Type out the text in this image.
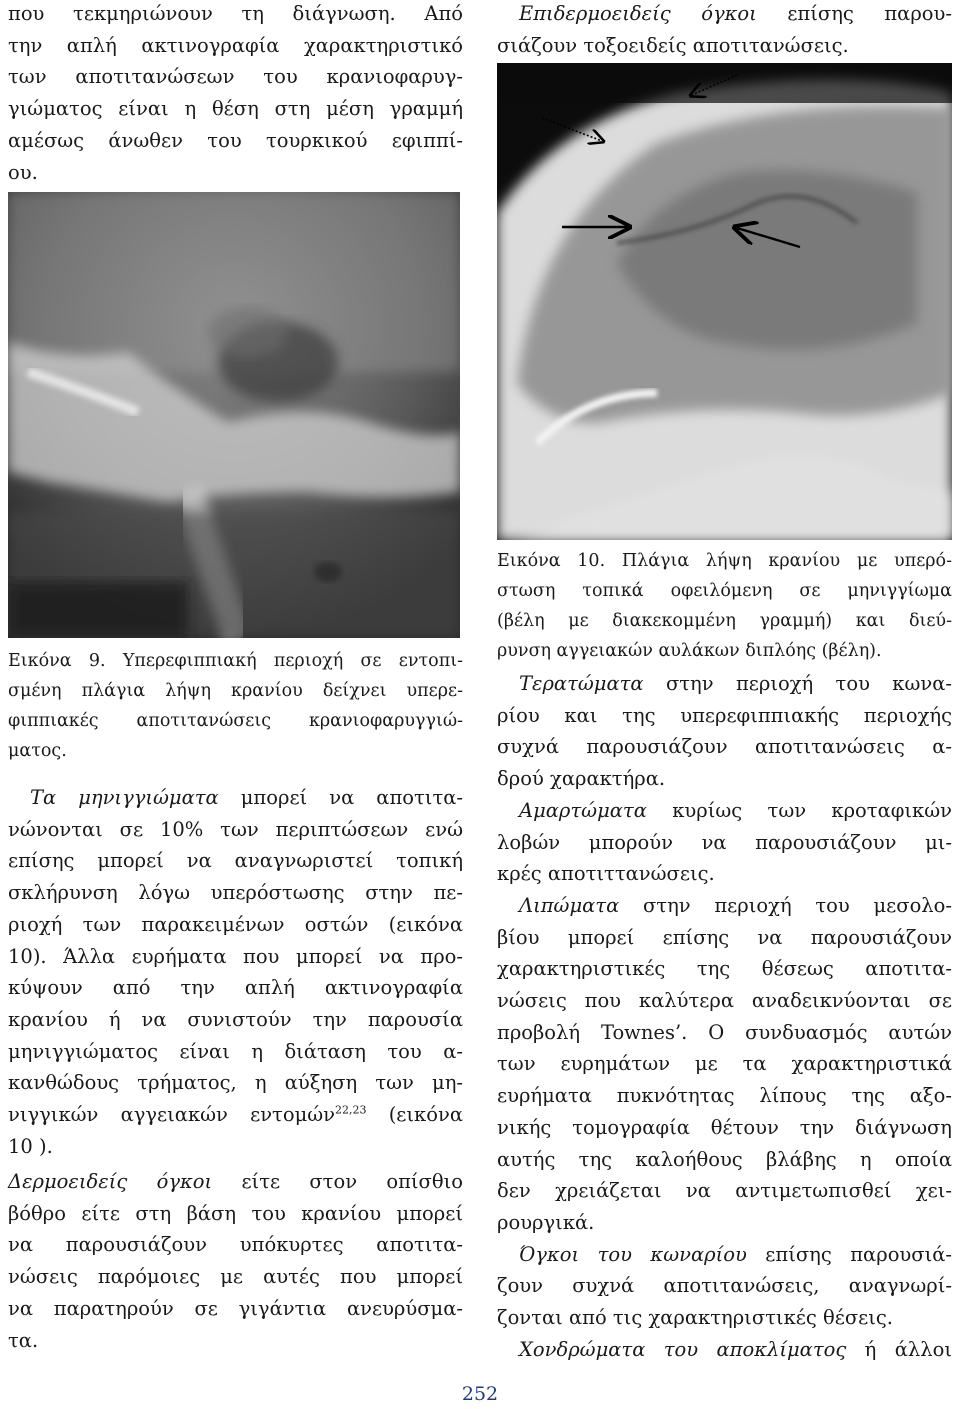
που τεκμηριώνουν τη διάγνωση. Από
την απλή ακτινογραφία χαρακτηριστικό
των αποτιτανώσεων του κρανιοφαρυγ-
γιώματος είναι η θέση στη μέση γραμμή
αμέσως άνωθεν του τουρκικού εφιππί-
ου.

Εικόνα 9. Υπερεφιππιακή περιοχή σε εντοπι-
σμένη πλάγια λήψη κρανίου δείχνει υπερε-
φιππιακές αποτιτανώσεις κρανιοφαρυγγιώ-
ματος.

Τα μηνιγγιώματα μπορεί να αποτιτα-
νώνονται σε 10% των περιπτώσεων ενώ
επίσης μπορεί να αναγνωριστεί τοπική
σκλήρυνση λόγω υπερόστωσης στην πε-
ριοχή των παρακειμένων οστών (εικόνα
10). Άλλα ευρήματα που μπορεί να προ-
κύψουν από την απλή ακτινογραφία
κρανίου ή να συνιστούν την παρουσία
μηνιγγιώματος είναι η διάταση του α-
κανθώδους τρήματος, η αύξηση των μη-
νιγγικών αγγειακών εντομών$^{22,23}$ (εικόνα
10 ).

Δερμοειδείς όγκοι είτε στον οπίσθιο
βόθρο είτε στη βάση του κρανίου μπορεί
να παρουσιάζουν υπόκυρτες αποτιτα-
νώσεις παρόμοιες με αυτές που μπορεί
να παρατηρούν σε γιγάντια ανευρύσμα-
τα.

Επιδερμοειδείς όγκοι επίσης παρου-
σιάζουν τοξοειδείς αποτιτανώσεις.

Εικόνα 10. Πλάγια λήψη κρανίου με υπερό-
στωση τοπικά οφειλόμενη σε μηνιγγίωμα
(βέλη με διακεκομμένη γραμμή) και διεύ-
ρυνση αγγειακών αυλάκων διπλόης (βέλη).

Τερατώματα στην περιοχή του κωνα-
ρίου και της υπερεφιππιακής περιοχής
συχνά παρουσιάζουν αποτιτανώσεις α-
δρού χαρακτήρα.

Αμαρτώματα κυρίως των κροταφικών
λοβών μπορούν να παρουσιάζουν μι-
κρές αποτιττανώσεις.

Λιπώματα στην περιοχή του μεσολο-
βίου μπορεί επίσης να παρουσιάζουν
χαρακτηριστικές της θέσεως αποτιτα-
νώσεις που καλύτερα αναδεικνύονται σε
προβολή Townes’. Ο συνδυασμός αυτών
των ευρημάτων με τα χαρακτηριστικά
ευρήματα πυκνότητας λίπους της αξο-
νικής τομογραφία θέτουν την διάγνωση
αυτής της καλοήθους βλάβης η οποία
δεν χρειάζεται να αντιμετωπισθεί χει-
ρουργικά.

Όγκοι του κωναρίου επίσης παρουσιά-
ζουν συχνά αποτιτανώσεις, αναγνωρί-
ζονται από τις χαρακτηριστικές θέσεις.

Χονδρώματα του αποκλίματος ή άλλοι

252
